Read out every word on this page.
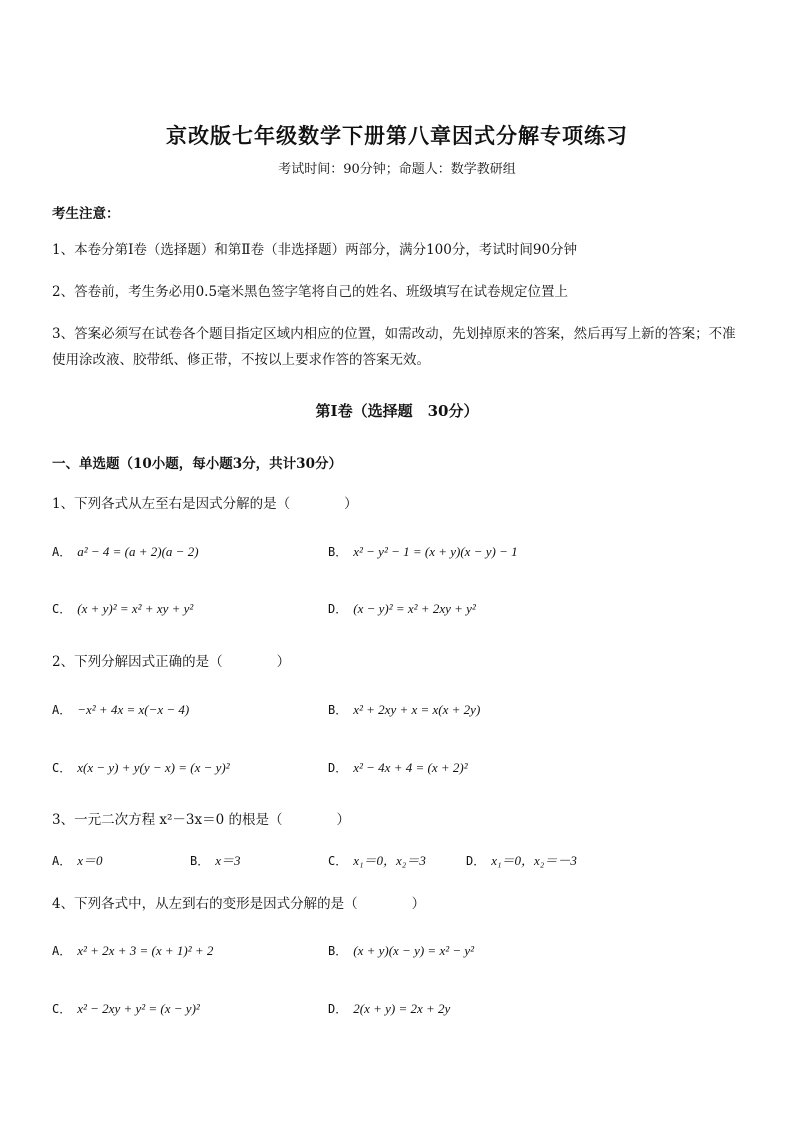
京改版七年级数学下册第八章因式分解专项练习
考试时间：90分钟；命题人：数学教研组
考生注意：
1、本卷分第Ⅰ卷（选择题）和第Ⅱ卷（非选择题）两部分，满分100分，考试时间90分钟
2、答卷前，考生务必用0.5毫米黑色签字笔将自己的姓名、班级填写在试卷规定位置上
3、答案必须写在试卷各个题目指定区域内相应的位置，如需改动，先划掉原来的答案，然后再写上新的答案；不准使用涂改液、胶带纸、修正带，不按以上要求作答的答案无效。
第Ⅰ卷（选择题　30分）
一、单选题（10小题，每小题3分，共计30分）
1、下列各式从左至右是因式分解的是（　　　　）
A． a² − 4 = (a + 2)(a − 2)	B． x² − y² − 1 = (x + y)(x − y) − 1
C． (x + y)² = x² + xy + y²	D． (x − y)² = x² + 2xy + y²
2、下列分解因式正确的是（　　　　）
A． −x² + 4x = x(−x − 4)	B． x² + 2xy + x = x(x + 2y)
C． x(x − y) + y(y − x) = (x − y)²	D． x² − 4x + 4 = (x + 2)²
3、一元二次方程 x²－3x＝0 的根是（　　　　）
A． x＝0	B． x＝3	C． x₁＝0，x₂＝3	D． x₁＝0，x₂＝－3
4、下列各式中，从左到右的变形是因式分解的是（　　　　）
A． x² + 2x + 3 = (x + 1)² + 2	B． (x + y)(x − y) = x² − y²
C． x² − 2xy + y² = (x − y)²	D． 2(x + y) = 2x + 2y
